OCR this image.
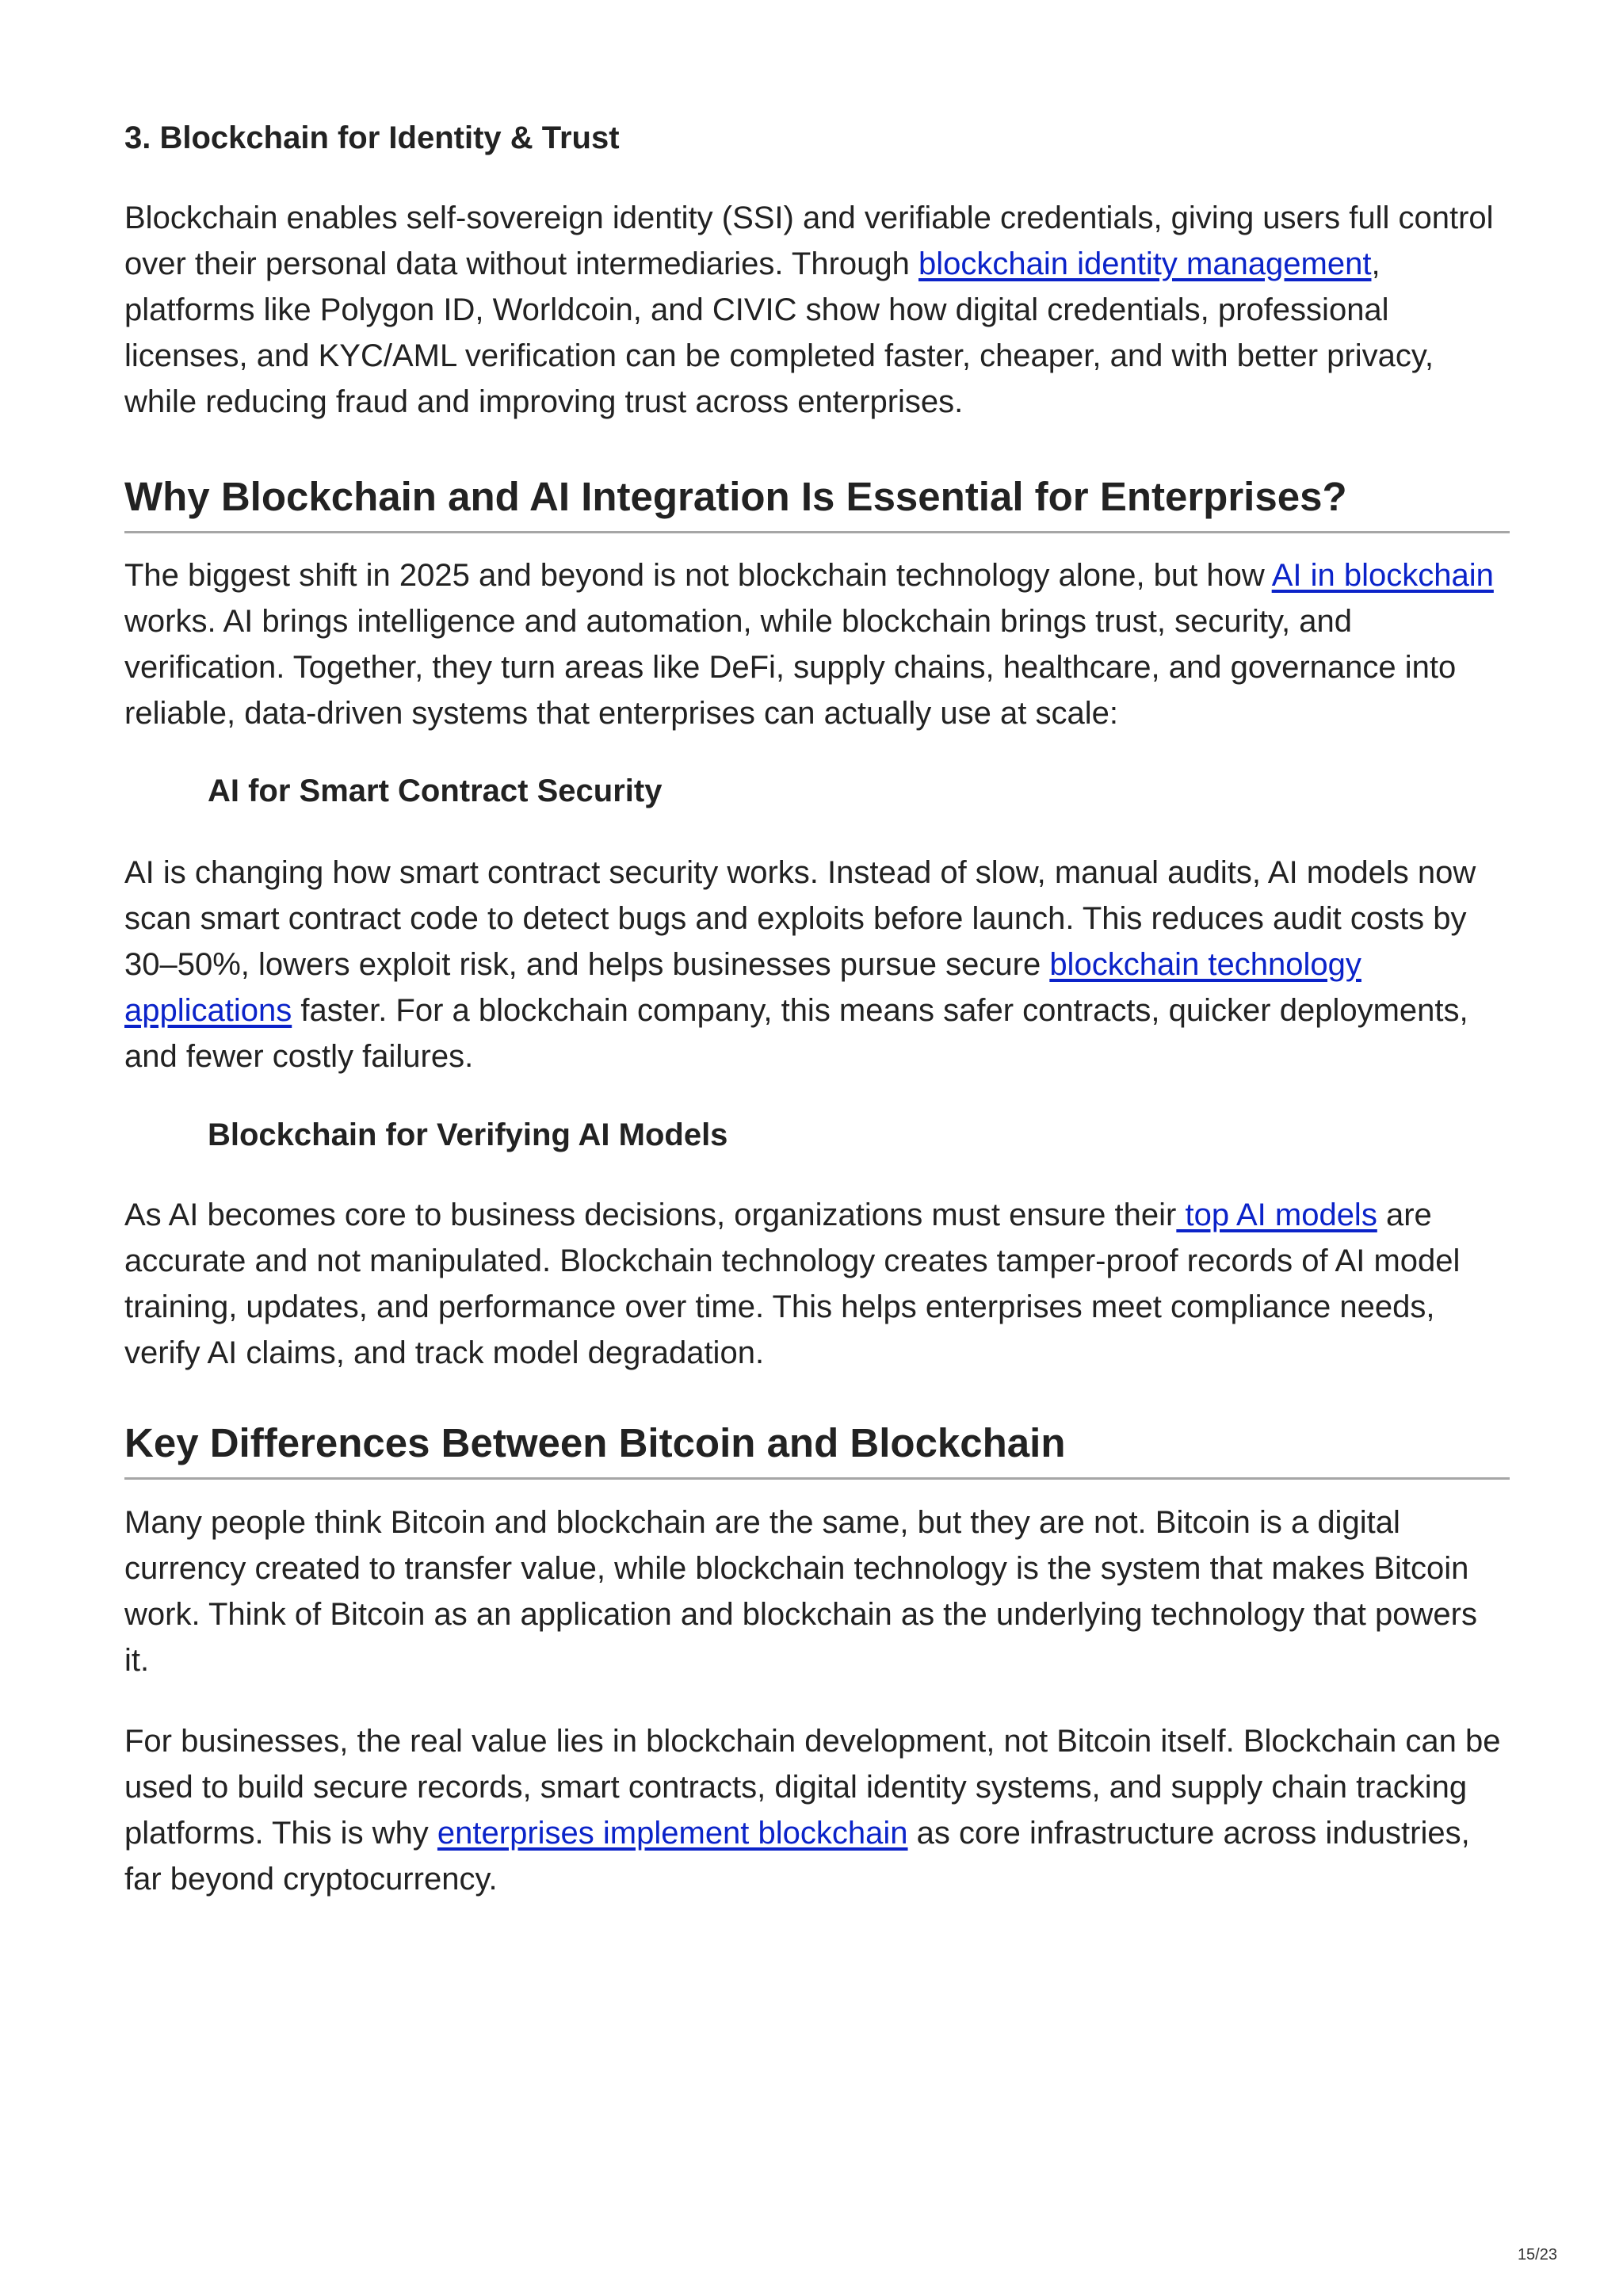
3. Blockchain for Identity & Trust

Blockchain enables self-sovereign identity (SSI) and verifiable credentials, giving users full control over their personal data without intermediaries. Through blockchain identity management, platforms like Polygon ID, Worldcoin, and CIVIC show how digital credentials, professional licenses, and KYC/AML verification can be completed faster, cheaper, and with better privacy, while reducing fraud and improving trust across enterprises.

Why Blockchain and AI Integration Is Essential for Enterprises?

The biggest shift in 2025 and beyond is not blockchain technology alone, but how AI in blockchain works. AI brings intelligence and automation, while blockchain brings trust, security, and verification. Together, they turn areas like DeFi, supply chains, healthcare, and governance into reliable, data-driven systems that enterprises can actually use at scale:

AI for Smart Contract Security

AI is changing how smart contract security works. Instead of slow, manual audits, AI models now scan smart contract code to detect bugs and exploits before launch. This reduces audit costs by 30–50%, lowers exploit risk, and helps businesses pursue secure blockchain technology applications faster. For a blockchain company, this means safer contracts, quicker deployments, and fewer costly failures.

Blockchain for Verifying AI Models

As AI becomes core to business decisions, organizations must ensure their top AI models are accurate and not manipulated. Blockchain technology creates tamper-proof records of AI model training, updates, and performance over time. This helps enterprises meet compliance needs, verify AI claims, and track model degradation.

Key Differences Between Bitcoin and Blockchain

Many people think Bitcoin and blockchain are the same, but they are not. Bitcoin is a digital currency created to transfer value, while blockchain technology is the system that makes Bitcoin work. Think of Bitcoin as an application and blockchain as the underlying technology that powers it.

For businesses, the real value lies in blockchain development, not Bitcoin itself. Blockchain can be used to build secure records, smart contracts, digital identity systems, and supply chain tracking platforms. This is why enterprises implement blockchain as core infrastructure across industries, far beyond cryptocurrency.

15/23
